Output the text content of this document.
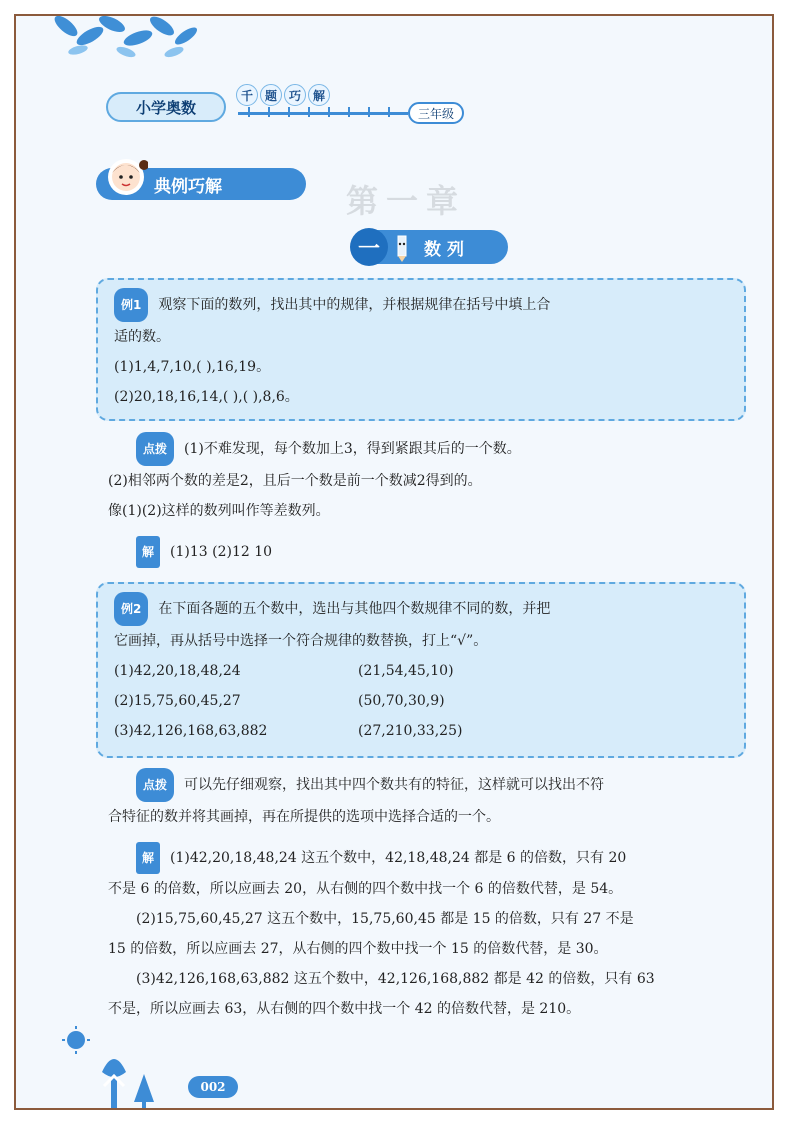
小学奥数
千 题 巧 解
三年级
典例巧解	第一章
一	数列
例1 观察下面的数列，找出其中的规律，并根据规律在括号中填上合
适的数。
(1)1,4,7,10,( ),16,19。
(2)20,18,16,14,( ),( ),8,6。
点拨 (1)不难发现，每个数加上3，得到紧跟其后的一个数。
(2)相邻两个数的差是2，且后一个数是前一个数减2得到的。
像(1)(2)这样的数列叫作等差数列。
解 (1)13 (2)12 10
例2 在下面各题的五个数中，选出与其他四个数规律不同的数，并把
它画掉，再从括号中选择一个符合规律的数替换，打上“√”。
(1)42,20,18,48,24	(21,54,45,10)
(2)15,75,60,45,27	(50,70,30,9)
(3)42,126,168,63,882	(27,210,33,25)
点拨 可以先仔细观察，找出其中四个数共有的特征，这样就可以找出不符
合特征的数并将其画掉，再在所提供的选项中选择合适的一个。
解 (1)42,20,18,48,24 这五个数中，42,18,48,24 都是 6 的倍数，只有 20
不是 6 的倍数，所以应画去 20，从右侧的四个数中找一个 6 的倍数代替，是 54。
(2)15,75,60,45,27 这五个数中，15,75,60,45 都是 15 的倍数，只有 27 不是
15 的倍数，所以应画去 27，从右侧的四个数中找一个 15 的倍数代替，是 30。
(3)42,126,168,63,882 这五个数中，42,126,168,882 都是 42 的倍数，只有 63
不是，所以应画去 63，从右侧的四个数中找一个 42 的倍数代替，是 210。
002
